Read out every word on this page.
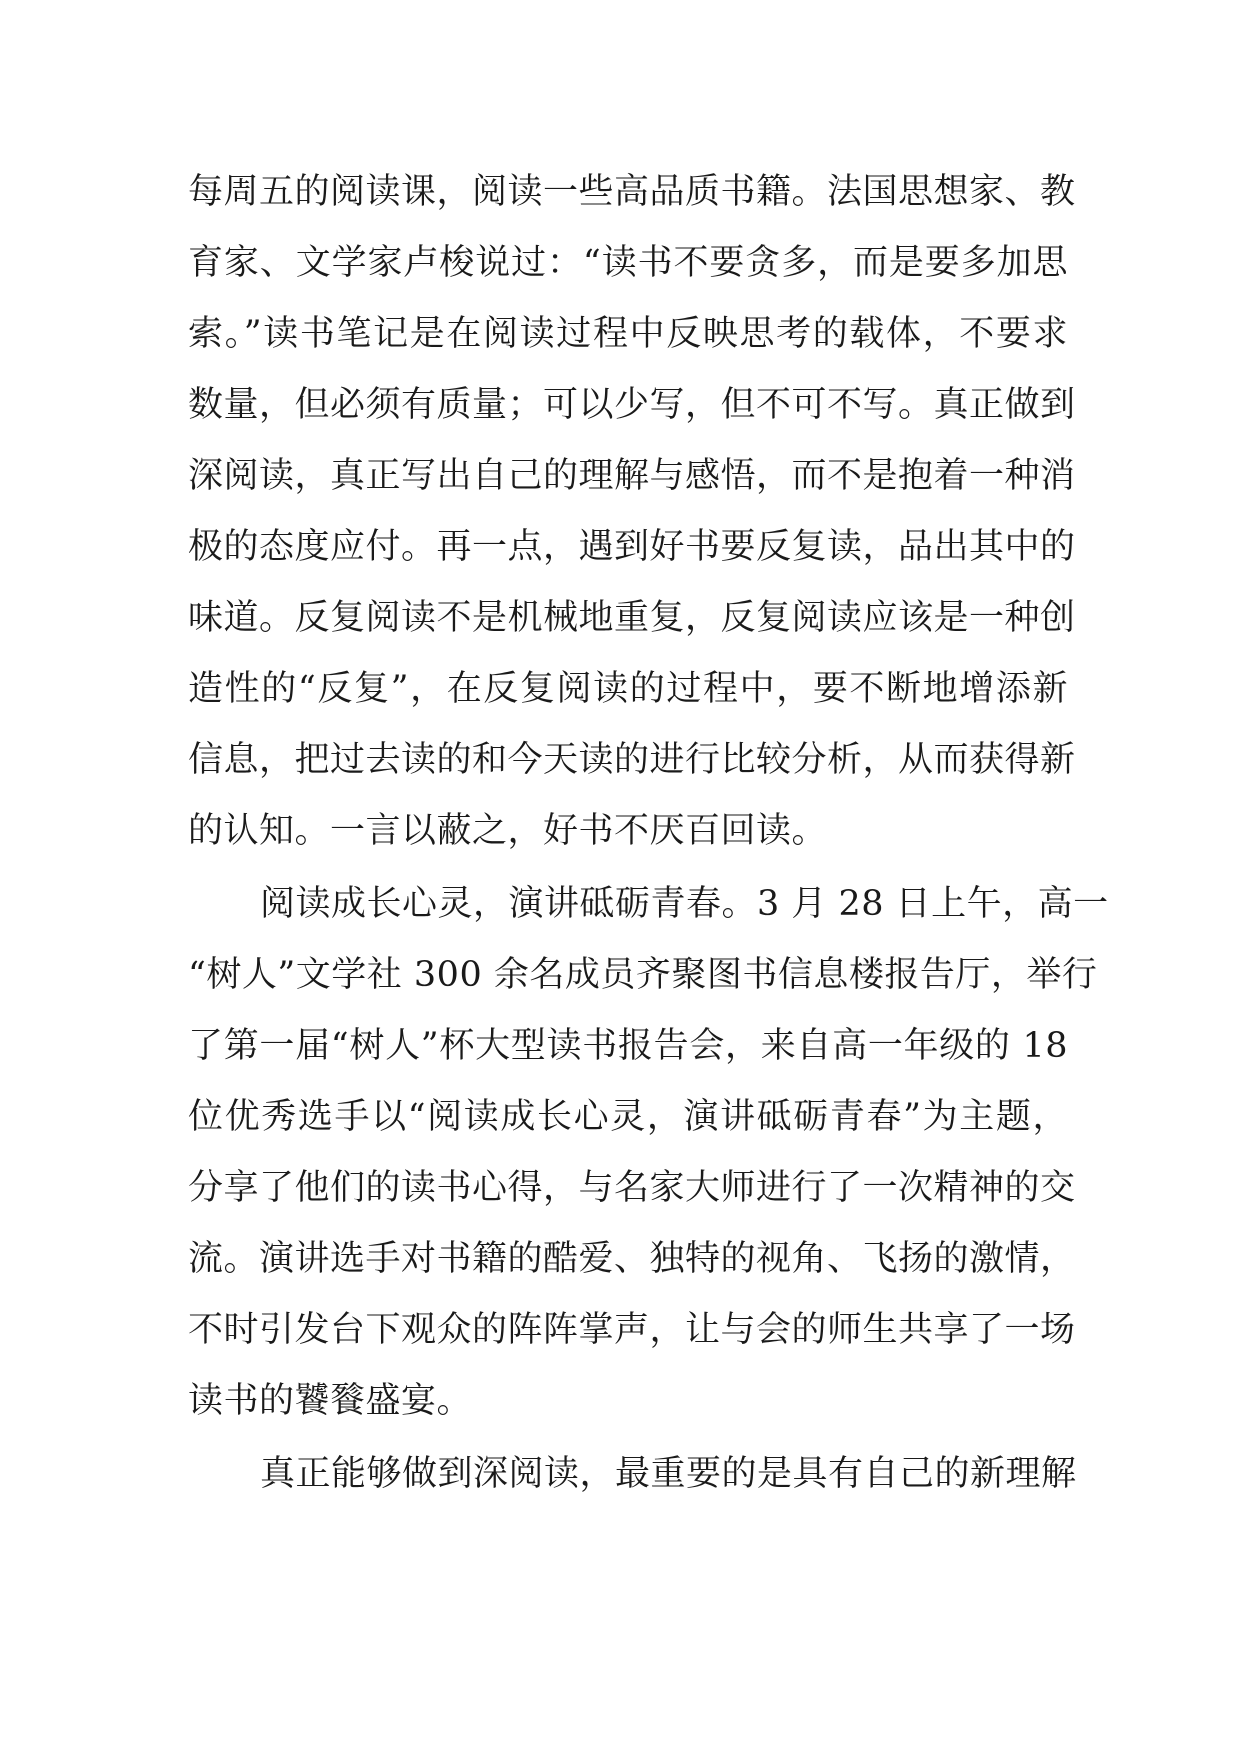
每周五的阅读课，阅读一些高品质书籍。法国思想家、教
育家、文学家卢梭说过：“读书不要贪多，而是要多加思
索。”读书笔记是在阅读过程中反映思考的载体，不要求
数量，但必须有质量；可以少写，但不可不写。真正做到
深阅读，真正写出自己的理解与感悟，而不是抱着一种消
极的态度应付。再一点，遇到好书要反复读，品出其中的
味道。反复阅读不是机械地重复，反复阅读应该是一种创
造性的“反复”，在反复阅读的过程中，要不断地增添新
信息，把过去读的和今天读的进行比较分析，从而获得新
的认知。一言以蔽之，好书不厌百回读。
阅读成长心灵，演讲砥砺青春。3 月 28 日上午，高一
“树人”文学社 300 余名成员齐聚图书信息楼报告厅，举行
了第一届“树人”杯大型读书报告会，来自高一年级的 18
位优秀选手以“阅读成长心灵，演讲砥砺青春”为主题，
分享了他们的读书心得，与名家大师进行了一次精神的交
流。演讲选手对书籍的酷爱、独特的视角、飞扬的激情，
不时引发台下观众的阵阵掌声，让与会的师生共享了一场
读书的饕餮盛宴。
真正能够做到深阅读，最重要的是具有自己的新理解
